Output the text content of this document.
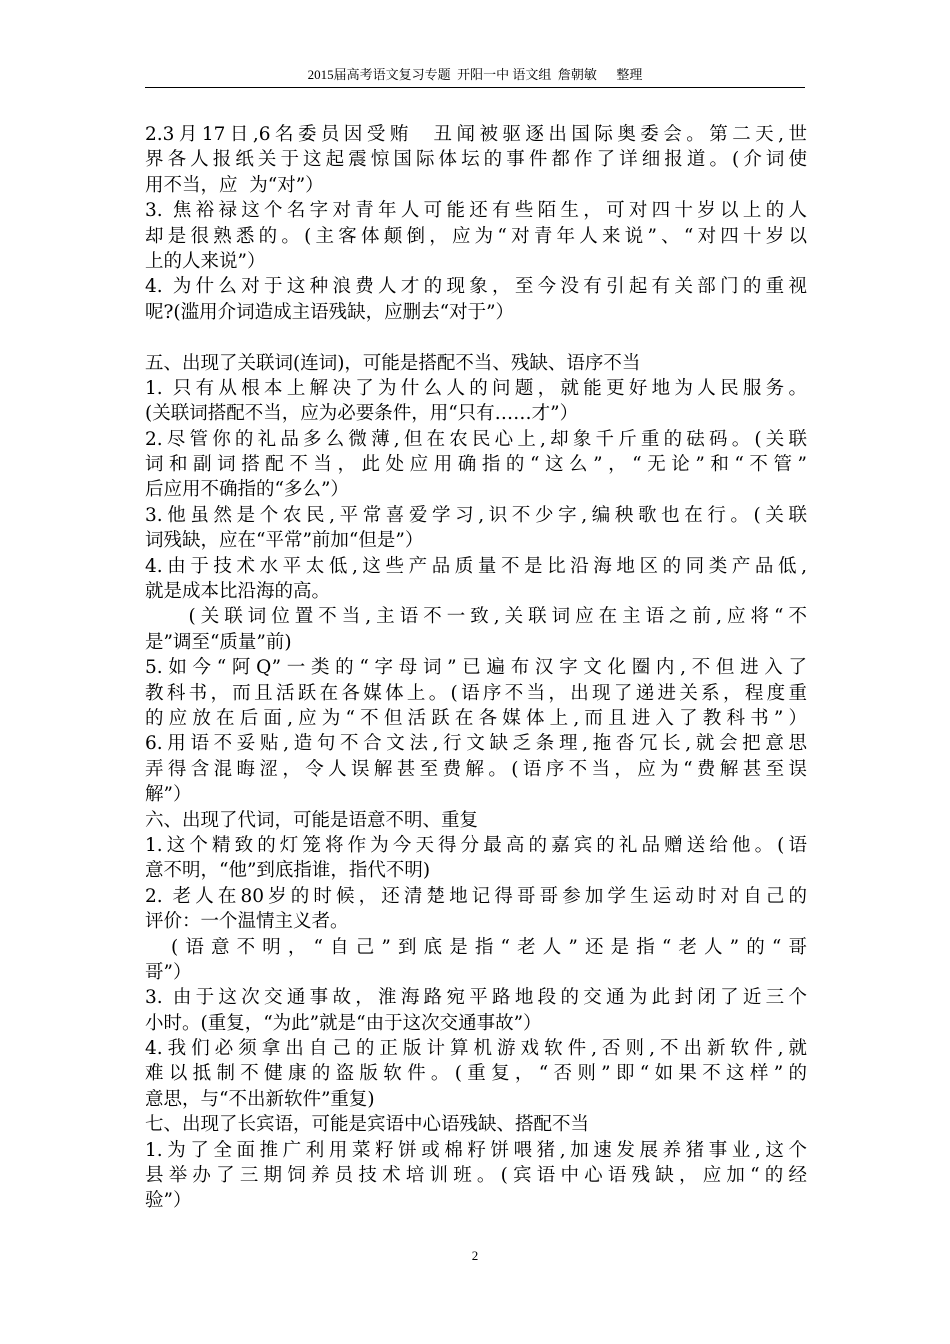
2015届高考语文复习专题  开阳一中 语文组  詹朝敏      整理
2.3月17日,6名委员因受贿  丑闻被驱逐出国际奥委会。第二天,世
界各人报纸关于这起震惊国际体坛的事件都作了详细报道。(介词使
用不当，应  为“对”）
3. 焦裕禄这个名字对青年人可能还有些陌生，可对四十岁以上的人
却是很熟悉的。(主客体颠倒，应为“对青年人来说”、“对四十岁以
上的人来说”）
4. 为什么对于这种浪费人才的现象，至今没有引起有关部门的重视
呢?(滥用介词造成主语残缺，应删去“对于”）
五、出现了关联词(连词)，可能是搭配不当、残缺、语序不当
1. 只有从根本上解决了为什么人的问题，就能更好地为人民服务。
(关联词搭配不当，应为必要条件，用“只有……才”）
2.尽管你的礼品多么微薄,但在农民心上,却象千斤重的砝码。(关联
词和副词搭配不当，此处应用确指的“这么”，“无论”和“不管”
后应用不确指的“多么”）
3.他虽然是个农民,平常喜爱学习,识不少字,编秧歌也在行。(关联
词残缺，应在“平常”前加“但是”）
4.由于技术水平太低,这些产品质量不是比沿海地区的同类产品低,
就是成本比沿海的高。
(关联词位置不当,主语不一致,关联词应在主语之前,应将“不
是”调至“质量”前)
5.如今“阿Q”一类的“字母词”已遍布汉字文化圈内,不但进入了
教科书，而且活跃在各媒体上。(语序不当，出现了递进关系，程度重
的应放在后面,应为“不但活跃在各媒体上,而且进入了教科书”）
6.用语不妥贴,造句不合文法,行文缺乏条理,拖沓冗长,就会把意思
弄得含混晦涩，令人误解甚至费解。(语序不当，应为“费解甚至误
解”）
六、出现了代词，可能是语意不明、重复
1.这个精致的灯笼将作为今天得分最高的嘉宾的礼品赠送给他。(语
意不明，“他”到底指谁，指代不明)
2. 老人在80岁的时候，还清楚地记得哥哥参加学生运动时对自己的
评价：一个温情主义者。
(语意不明，“自己”到底是指“老人”还是指“老人”的“哥
哥”）
3. 由于这次交通事故，淮海路宛平路地段的交通为此封闭了近三个
小时。(重复，“为此”就是“由于这次交通事故”）
4.我们必须拿出自己的正版计算机游戏软件,否则,不出新软件,就
难以抵制不健康的盗版软件。(重复，“否则”即“如果不这样”的
意思，与“不出新软件”重复)
七、出现了长宾语，可能是宾语中心语残缺、搭配不当
1.为了全面推广利用菜籽饼或棉籽饼喂猪,加速发展养猪事业,这个
县举办了三期饲养员技术培训班。(宾语中心语残缺，应加“的经
验”）
2
